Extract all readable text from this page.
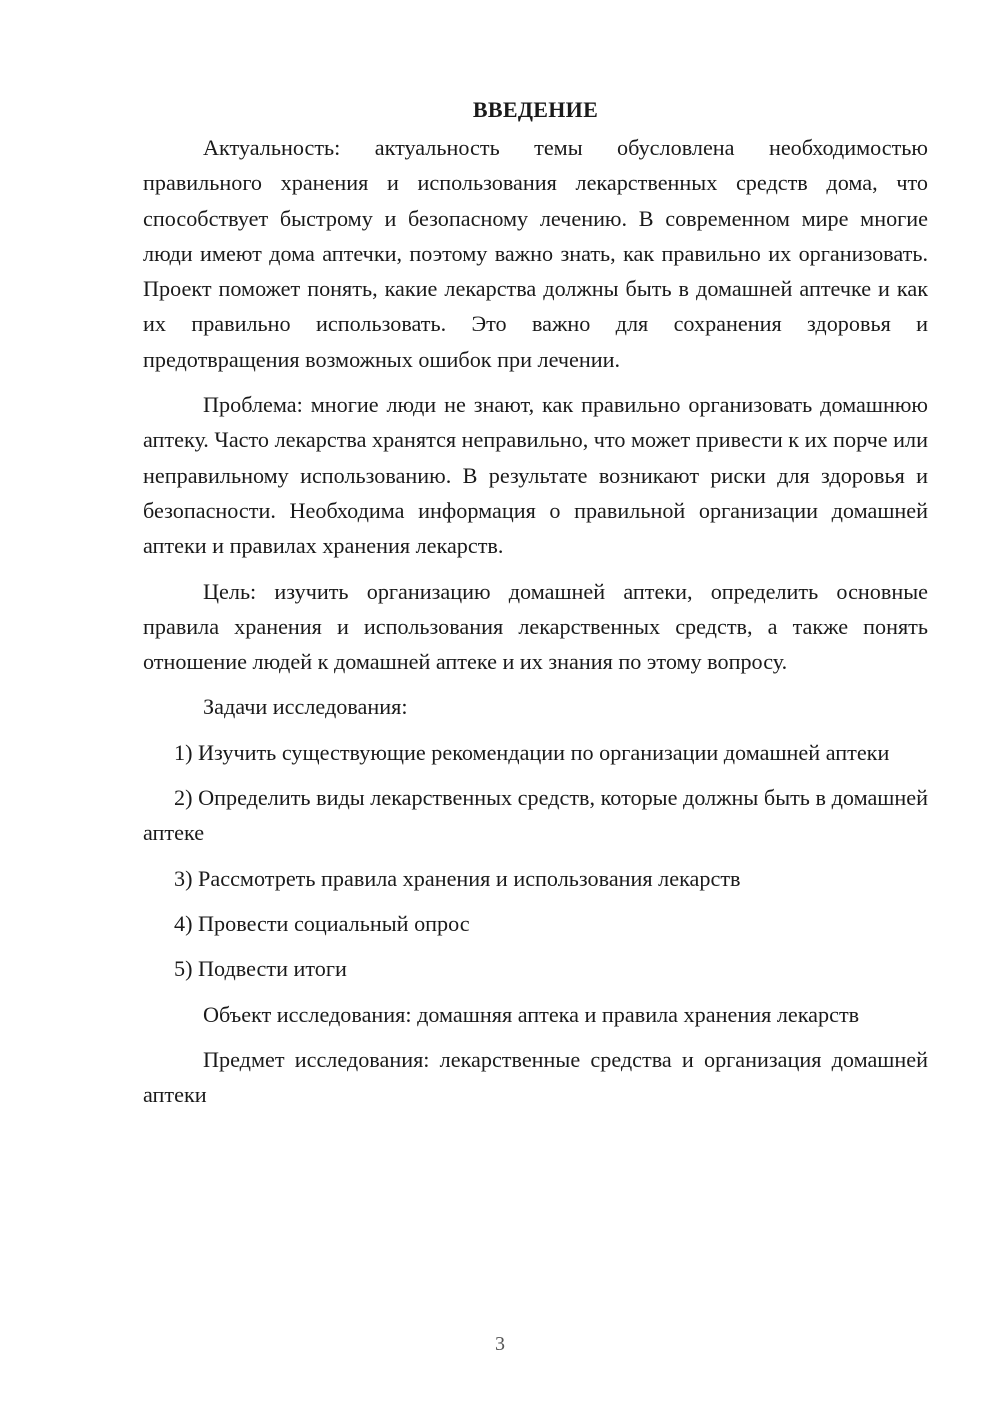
ВВЕДЕНИЕ

Актуальность: актуальность темы обусловлена необходимостью правильного хранения и использования лекарственных средств дома, что способствует быстрому и безопасному лечению. В современном мире многие люди имеют дома аптечки, поэтому важно знать, как правильно их организовать. Проект поможет понять, какие лекарства должны быть в домашней аптечке и как их правильно использовать. Это важно для сохранения здоровья и предотвращения возможных ошибок при лечении.

Проблема: многие люди не знают, как правильно организовать домашнюю аптеку. Часто лекарства хранятся неправильно, что может привести к их порче или неправильному использованию. В результате возникают риски для здоровья и безопасности. Необходима информация о правильной организации домашней аптеки и правилах хранения лекарств.

Цель: изучить организацию домашней аптеки, определить основные правила хранения и использования лекарственных средств, а также понять отношение людей к домашней аптеке и их знания по этому вопросу.

Задачи исследования:

1) Изучить существующие рекомендации по организации домашней аптеки

2) Определить виды лекарственных средств, которые должны быть в домашней аптеке

3) Рассмотреть правила хранения и использования лекарств

4) Провести социальный опрос

5) Подвести итоги

Объект исследования: домашняя аптека и правила хранения лекарств

Предмет исследования: лекарственные средства и организация домашней аптеки

3
